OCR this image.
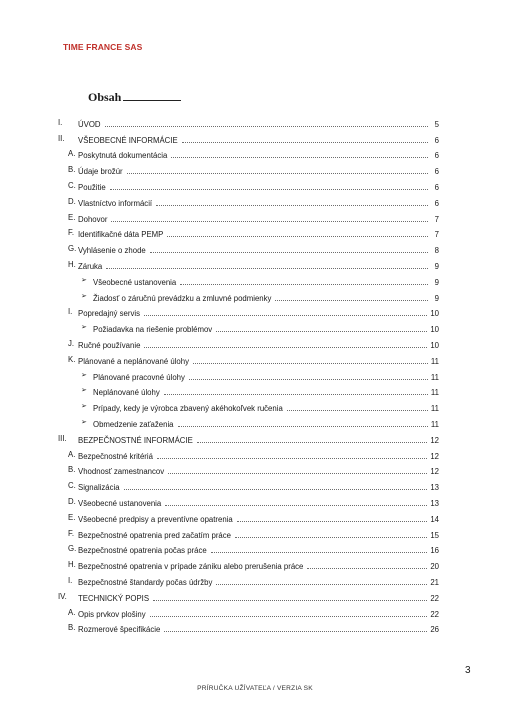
TIME FRANCE SAS
Obsah
I. ÚVOD	5
II. VŠEOBECNÉ INFORMÁCIE	6
A. Poskytnutá dokumentácia	6
B. Údaje brožúr	6
C. Použitie	6
D. Vlastníctvo informácií	6
E. Dohovor	7
F. Identifikačné dáta PEMP	7
G. Vyhlásenie o zhode	8
H. Záruka	9
➢ Všeobecné ustanovenia	9
➢ Žiadosť o záručnú prevádzku a zmluvné podmienky	9
I. Popredajný servis	10
➢ Požiadavka na riešenie problémov	10
J. Ručné používanie	10
K. Plánované a neplánované úlohy	11
➢ Plánované pracovné úlohy	11
➢ Neplánované úlohy	11
➢ Prípady, kedy je výrobca zbavený akéhokoľvek ručenia	11
➢ Obmedzenie zaťaženia	11
III. BEZPEČNOSTNÉ INFORMÁCIE	12
A. Bezpečnostné kritériá	12
B. Vhodnosť zamestnancov	12
C. Signalizácia	13
D. Všeobecné ustanovenia	13
E. Všeobecné predpisy a preventívne opatrenia	14
F. Bezpečnostné opatrenia pred začatím práce	15
G. Bezpečnostné opatrenia počas práce	16
H. Bezpečnostné opatrenia v prípade zániku alebo prerušenia práce	20
I. Bezpečnostné štandardy počas údržby	21
IV. TECHNICKÝ POPIS	22
A. Opis prvkov plošiny	22
B. Rozmerové špecifikácie	26
3
PRÍRUČKA UŽÍVATEĽA / VERZIA SK
